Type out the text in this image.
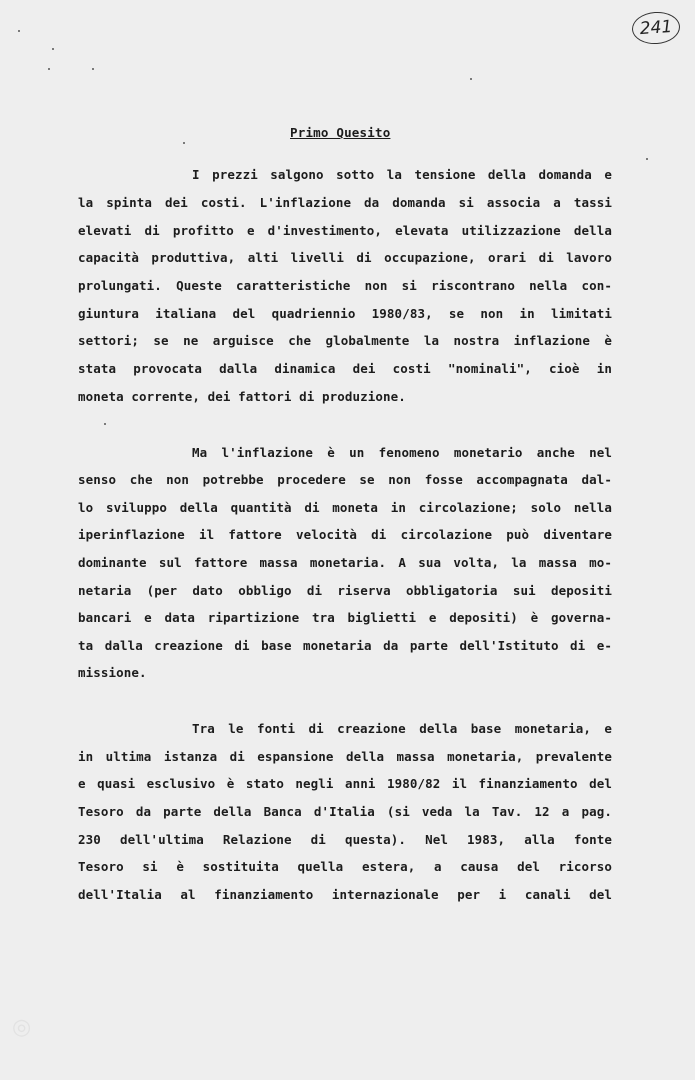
241
Primo Quesito
I prezzi salgono sotto la tensione della domanda e
la spinta dei costi. L'inflazione da domanda si associa a tassi
elevati di profitto e d'investimento, elevata utilizzazione della
capacità produttiva, alti livelli di occupazione, orari di lavoro
prolungati. Queste caratteristiche non si riscontrano nella con-
giuntura italiana del quadriennio 1980/83, se non in limitati
settori; se ne arguisce che globalmente la nostra inflazione è
stata provocata dalla dinamica dei costi "nominali", cioè in
moneta corrente, dei fattori di produzione.
Ma l'inflazione è un fenomeno monetario anche nel
senso che non potrebbe procedere se non fosse accompagnata dal-
lo sviluppo della quantità di moneta in circolazione; solo nella
iperinflazione il fattore velocità di circolazione può diventare
dominante sul fattore massa monetaria. A sua volta, la massa mo-
netaria (per dato obbligo di riserva obbligatoria sui depositi
bancari e data ripartizione tra biglietti e depositi) è governa-
ta dalla creazione di base monetaria da parte dell'Istituto di e-
missione.
Tra le fonti di creazione della base monetaria, e
in ultima istanza di espansione della massa monetaria, prevalente
e quasi esclusivo è stato negli anni 1980/82 il finanziamento del
Tesoro da parte della Banca d'Italia (si veda la Tav. 12 a pag.
230 dell'ultima Relazione di questa). Nel 1983, alla fonte
Tesoro si è sostituita quella estera, a causa del ricorso
dell'Italia al finanziamento internazionale per i canali del
◎
